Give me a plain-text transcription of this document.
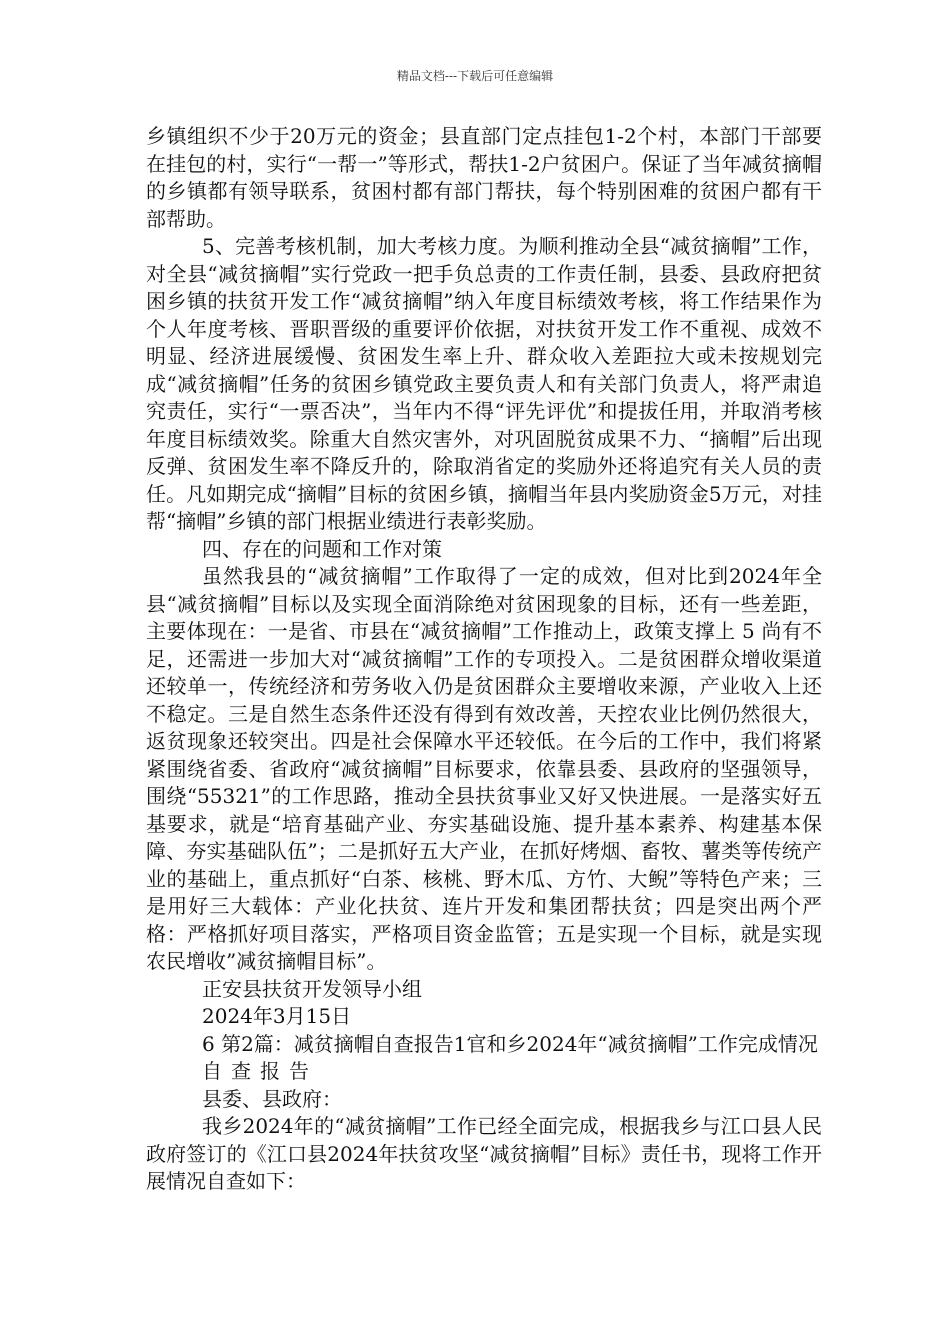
精品文档---下载后可任意编辑

乡镇组织不少于20万元的资金；县直部门定点挂包1-2个村，本部门干部要在挂包的村，实行“一帮一”等形式，帮扶1-2户贫困户。保证了当年减贫摘帽的乡镇都有领导联系，贫困村都有部门帮扶，每个特别困难的贫困户都有干部帮助。

5、完善考核机制，加大考核力度。为顺利推动全县“减贫摘帽”工作，对全县“减贫摘帽”实行党政一把手负总责的工作责任制，县委、县政府把贫困乡镇的扶贫开发工作“减贫摘帽”纳入年度目标绩效考核，将工作结果作为个人年度考核、晋职晋级的重要评价依据，对扶贫开发工作不重视、成效不明显、经济进展缓慢、贫困发生率上升、群众收入差距拉大或未按规划完成“减贫摘帽”任务的贫困乡镇党政主要负责人和有关部门负责人，将严肃追究责任，实行“一票否决”，当年内不得“评先评优”和提拔任用，并取消考核年度目标绩效奖。除重大自然灾害外，对巩固脱贫成果不力、“摘帽”后出现反弹、贫困发生率不降反升的，除取消省定的奖励外还将追究有关人员的责任。凡如期完成“摘帽”目标的贫困乡镇，摘帽当年县内奖励资金5万元，对挂帮“摘帽”乡镇的部门根据业绩进行表彰奖励。

四、存在的问题和工作对策

虽然我县的“减贫摘帽”工作取得了一定的成效，但对比到2024年全县“减贫摘帽”目标以及实现全面消除绝对贫困现象的目标，还有一些差距，主要体现在：一是省、市县在“减贫摘帽”工作推动上，政策支撑上 5 尚有不足，还需进一步加大对“减贫摘帽”工作的专项投入。二是贫困群众增收渠道还较单一，传统经济和劳务收入仍是贫困群众主要增收来源，产业收入上还不稳定。三是自然生态条件还没有得到有效改善，天控农业比例仍然很大，返贫现象还较突出。四是社会保障水平还较低。在今后的工作中，我们将紧紧围绕省委、省政府“减贫摘帽”目标要求，依靠县委、县政府的坚强领导，围绕“55321”的工作思路，推动全县扶贫事业又好又快进展。一是落实好五基要求，就是“培育基础产业、夯实基础设施、提升基本素养、构建基本保障、夯实基础队伍”；二是抓好五大产业，在抓好烤烟、畜牧、薯类等传统产业的基础上，重点抓好“白茶、核桃、野木瓜、方竹、大鲵”等特色产来；三是用好三大载体：产业化扶贫、连片开发和集团帮扶贫；四是突出两个严格：严格抓好项目落实，严格项目资金监管；五是实现一个目标，就是实现农民增收”减贫摘帽目标”。

正安县扶贫开发领导小组

2024年3月15日

6 第2篇：减贫摘帽自查报告1官和乡2024年“减贫摘帽”工作完成情况

自查报告

县委、县政府：

我乡2024年的“减贫摘帽”工作已经全面完成，根据我乡与江口县人民政府签订的《江口县2024年扶贫攻坚“减贫摘帽”目标》责任书，现将工作开展情况自查如下：
